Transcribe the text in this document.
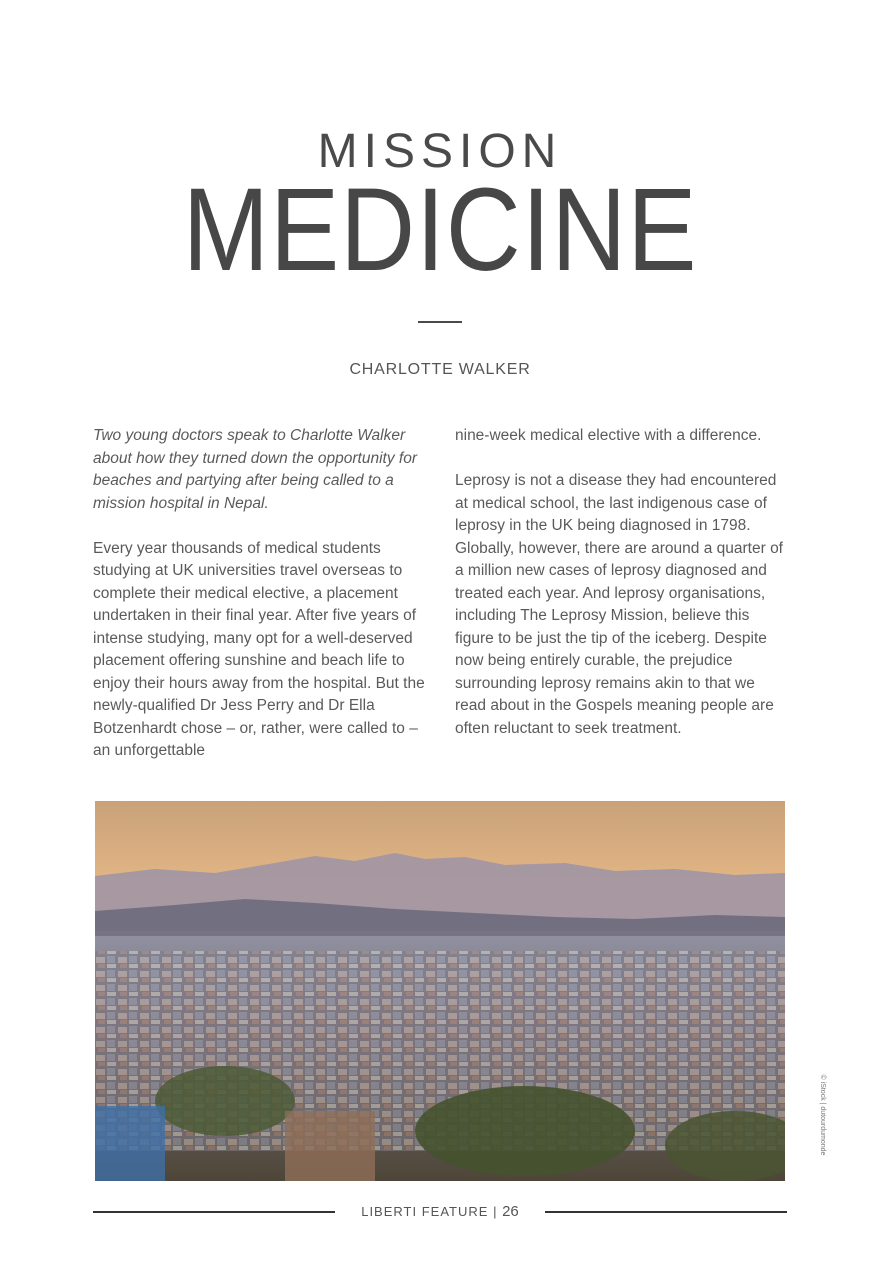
MISSION
MEDICINE
CHARLOTTE WALKER

Two young doctors speak to Charlotte Walker about how they turned down the opportunity for beaches and partying after being called to a mission hospital in Nepal.

Every year thousands of medical students studying at UK universities travel overseas to complete their medical elective, a placement undertaken in their final year. After five years of intense studying, many opt for a well-deserved placement offering sunshine and beach life to enjoy their hours away from the hospital. But the newly-qualified Dr Jess Perry and Dr Ella Botzenhardt chose – or, rather, were called to – an unforgettable

nine-week medical elective with a difference.

Leprosy is not a disease they had encountered at medical school, the last indigenous case of leprosy in the UK being diagnosed in 1798. Globally, however, there are around a quarter of a million new cases of leprosy diagnosed and treated each year. And leprosy organisations, including The Leprosy Mission, believe this figure to be just the tip of the iceberg. Despite now being entirely curable, the prejudice surrounding leprosy remains akin to that we read about in the Gospels meaning people are often reluctant to seek treatment.

© iStock | dutourdumonde
LIBERTI FEATURE | 26
